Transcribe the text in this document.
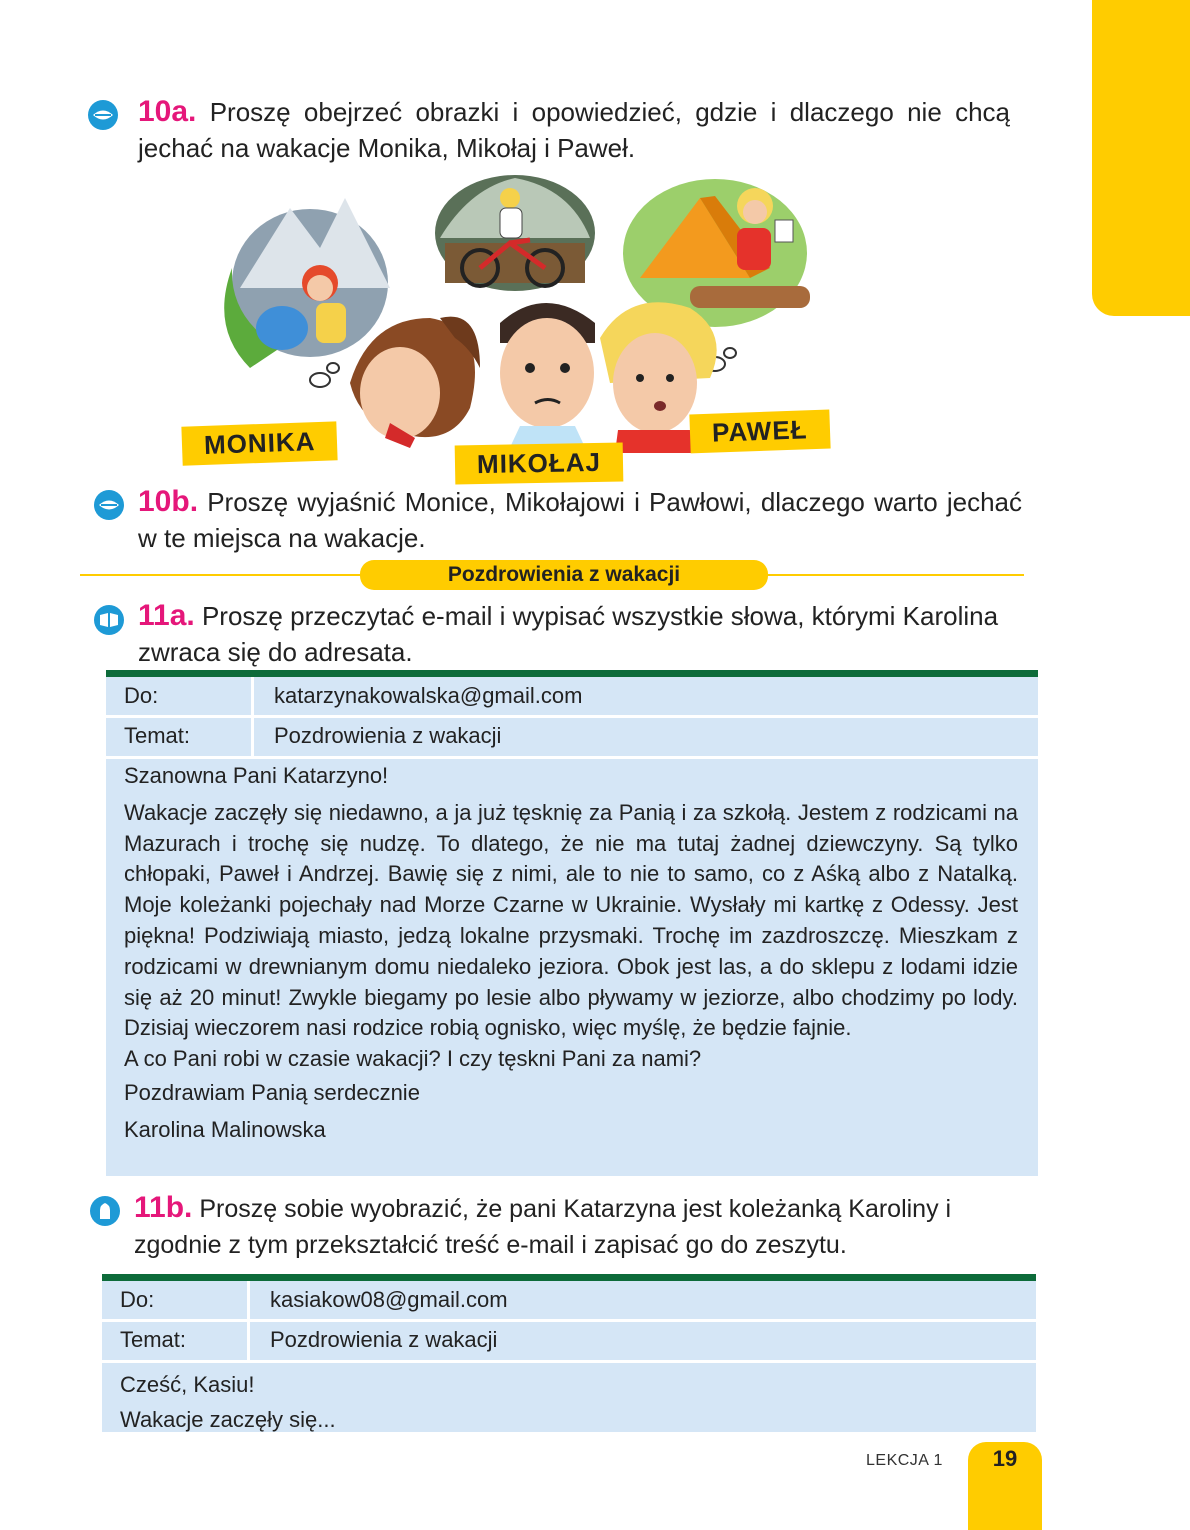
10a. Proszę obejrzeć obrazki i opowiedzieć, gdzie i dlaczego nie chcą jechać na wakacje Monika, Mikołaj i Paweł.
MONIKA
MIKOŁAJ
PAWEŁ
10b. Proszę wyjaśnić Monice, Mikołajowi i Pawłowi, dlaczego warto jechać w te miejsca na wakacje.
Pozdrowienia z wakacji
11a. Proszę przeczytać e-mail i wypisać wszystkie słowa, którymi Karolina zwraca się do adresata.
Do:	katarzynakowalska@gmail.com
Temat:	Pozdrowienia z wakacji

Szanowna Pani Katarzyno!

Wakacje zaczęły się niedawno, a ja już tęsknię za Panią i za szkołą. Jestem z rodzicami na Mazurach i trochę się nudzę. To dlatego, że nie ma tutaj żadnej dziewczyny. Są tylko chłopaki, Paweł i Andrzej. Bawię się z nimi, ale to nie to samo, co z Aśką albo z Natalką. Moje koleżanki pojechały nad Morze Czarne w Ukrainie. Wysłały mi kartkę z Odessy. Jest piękna! Podziwiają miasto, jedzą lokalne przysmaki. Trochę im zazdroszczę. Mieszkam z rodzicami w drewnianym domu niedaleko jeziora. Obok jest las, a do sklepu z lodami idzie się aż 20 minut! Zwykle biegamy po lesie albo pływamy w jeziorze, albo chodzimy po lody. Dzisiaj wieczorem nasi rodzice robią ognisko, więc myślę, że będzie fajnie.

A co Pani robi w czasie wakacji? I czy tęskni Pani za nami?

Pozdrawiam Panią serdecznie

Karolina Malinowska

11b. Proszę sobie wyobrazić, że pani Katarzyna jest koleżanką Karoliny i zgodnie z tym przekształcić treść e-mail i zapisać go do zeszytu.
Do:	kasiakow08@gmail.com
Temat:	Pozdrowienia z wakacji

Cześć, Kasiu!

Wakacje zaczęły się...

LEKCJA 1	19
